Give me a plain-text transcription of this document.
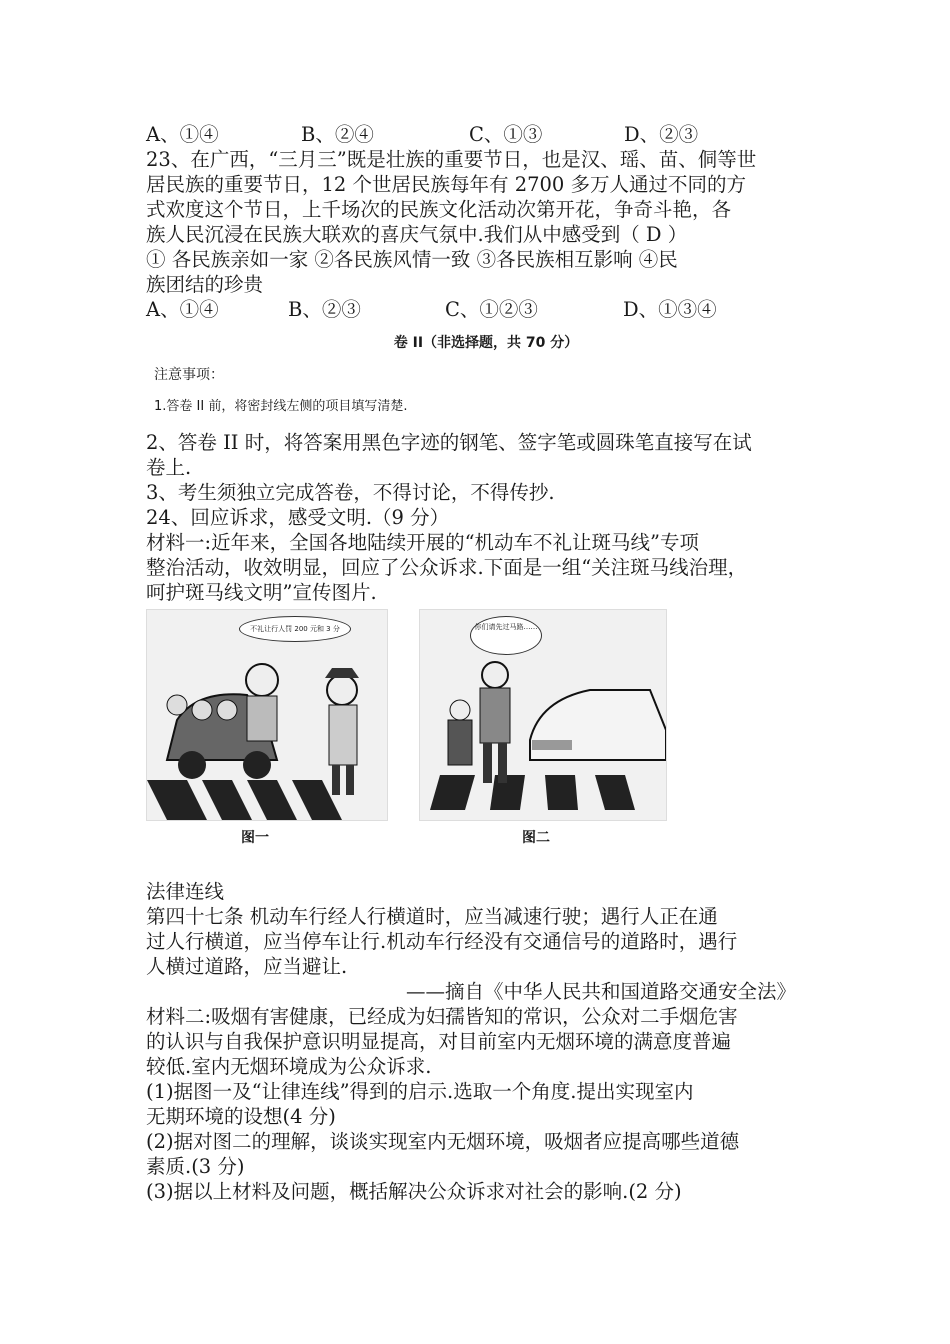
A、①④	B、②④	C、①③	D、②③
23、在广西，“三月三”既是壮族的重要节日，也是汉、瑶、苗、侗等世
居民族的重要节日，12 个世居民族每年有 2700 多万人通过不同的方
式欢度这个节日，上千场次的民族文化活动次第开花，争奇斗艳，各
族人民沉浸在民族大联欢的喜庆气氛中.我们从中感受到（ D ）
① 各民族亲如一家 ②各民族风情一致 ③各民族相互影响 ④民
族团结的珍贵
A、①④	B、②③	C、①②③	D、①③④
卷 II（非选择题，共 70 分）
注意事项：
1.答卷 II 前，将密封线左侧的项目填写清楚.
2、答卷 II 时，将答案用黑色字迹的钢笔、签字笔或圆珠笔直接写在试
卷上.
3、考生须独立完成答卷，不得讨论，不得传抄.
24、回应诉求，感受文明.（9 分）
材料一:近年来，全国各地陆续开展的“机动车不礼让斑马线”专项
整治活动，收效明显，回应了公众诉求.下面是一组“关注斑马线治理，
呵护斑马线文明”宣传图片.
不礼让行人罚 200 元和 3 分	你们请先过马路……
图一	图二
法律连线
第四十七条 机动车行经人行横道时，应当减速行驶；遇行人正在通
过人行横道，应当停车让行.机动车行经没有交通信号的道路时，遇行
人横过道路，应当避让.
——摘自《中华人民共和国道路交通安全法》
材料二:吸烟有害健康，已经成为妇孺皆知的常识，公众对二手烟危害
的认识与自我保护意识明显提高，对目前室内无烟环境的满意度普遍
较低.室内无烟环境成为公众诉求.
(1)据图一及“让律连线”得到的启示.选取一个角度.提出实现室内
无期环境的设想(4 分)
(2)据对图二的理解，谈谈实现室内无烟环境，吸烟者应提高哪些道德
素质.(3 分)
(3)据以上材料及问题，概括解决公众诉求对社会的影响.(2 分)
